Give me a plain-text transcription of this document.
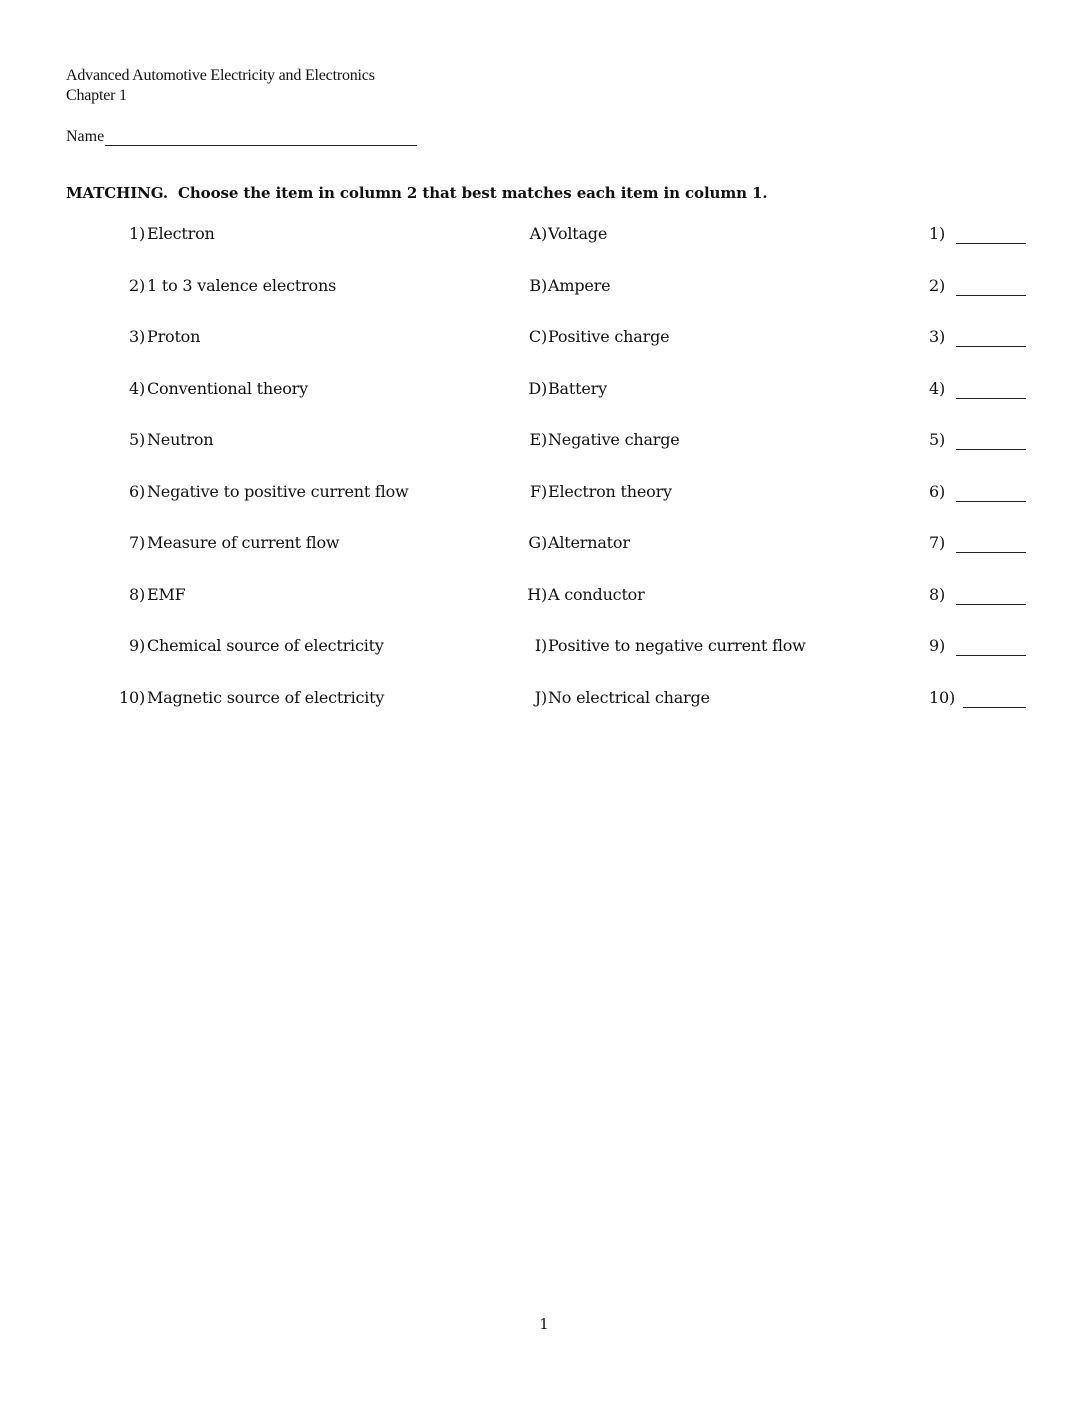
Advanced Automotive Electricity and Electronics
Chapter 1
Name
MATCHING. Choose the item in column 2 that best matches each item in column 1.
1) Electron	A) Voltage	1)
2) 1 to 3 valence electrons	B) Ampere	2)
3) Proton	C) Positive charge	3)
4) Conventional theory	D) Battery	4)
5) Neutron	E) Negative charge	5)
6) Negative to positive current flow	F) Electron theory	6)
7) Measure of current flow	G) Alternator	7)
8) EMF	H) A conductor	8)
9) Chemical source of electricity	I) Positive to negative current flow	9)
10) Magnetic source of electricity	J) No electrical charge	10)
1
